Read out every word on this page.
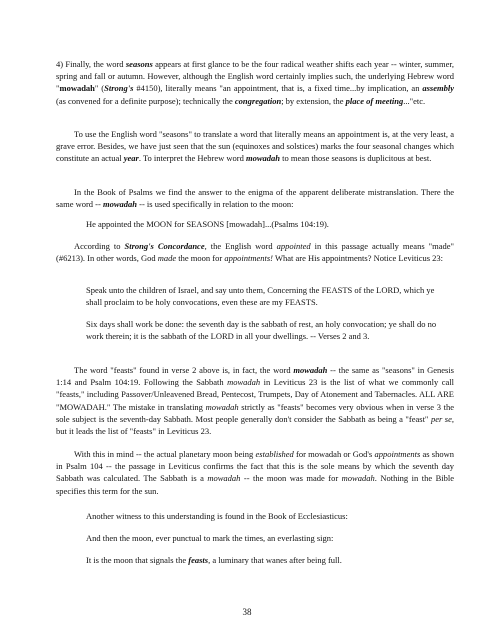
4) Finally, the word seasons appears at first glance to be the four radical weather shifts each year -- winter, summer, spring and fall or autumn. However, although the English word certainly implies such, the underlying Hebrew word "mowadah" (Strong's #4150), literally means "an appointment, that is, a fixed time...by implication, an assembly (as convened for a definite purpose); technically the congregation; by extension, the place of meeting..."etc.

To use the English word "seasons" to translate a word that literally means an appointment is, at the very least, a grave error. Besides, we have just seen that the sun (equinoxes and solstices) marks the four seasonal changes which constitute an actual year. To interpret the Hebrew word mowadah to mean those seasons is duplicitous at best.

In the Book of Psalms we find the answer to the enigma of the apparent deliberate mistranslation. There the same word -- mowadah -- is used specifically in relation to the moon:

He appointed the MOON for SEASONS [mowadah]...(Psalms 104:19).

According to Strong's Concordance, the English word appointed in this passage actually means "made" (#6213). In other words, God made the moon for appointments! What are His appointments? Notice Leviticus 23:

Speak unto the children of Israel, and say unto them, Concerning the FEASTS of the LORD, which ye shall proclaim to be holy convocations, even these are my FEASTS.

Six days shall work be done: the seventh day is the sabbath of rest, an holy convocation; ye shall do no work therein; it is the sabbath of the LORD in all your dwellings. -- Verses 2 and 3.

The word "feasts" found in verse 2 above is, in fact, the word mowadah -- the same as "seasons" in Genesis 1:14 and Psalm 104:19. Following the Sabbath mowadah in Leviticus 23 is the list of what we commonly call "feasts," including Passover/Unleavened Bread, Pentecost, Trumpets, Day of Atonement and Tabernacles. ALL ARE "MOWADAH." The mistake in translating mowadah strictly as "feasts" becomes very obvious when in verse 3 the sole subject is the seventh-day Sabbath. Most people generally don't consider the Sabbath as being a "feast" per se, but it leads the list of "feasts" in Leviticus 23.

With this in mind -- the actual planetary moon being established for mowadah or God's appointments as shown in Psalm 104 -- the passage in Leviticus confirms the fact that this is the sole means by which the seventh day Sabbath was calculated. The Sabbath is a mowadah -- the moon was made for mowadah. Nothing in the Bible specifies this term for the sun.

Another witness to this understanding is found in the Book of Ecclesiasticus:

And then the moon, ever punctual to mark the times, an everlasting sign:

It is the moon that signals the feasts, a luminary that wanes after being full.

38
